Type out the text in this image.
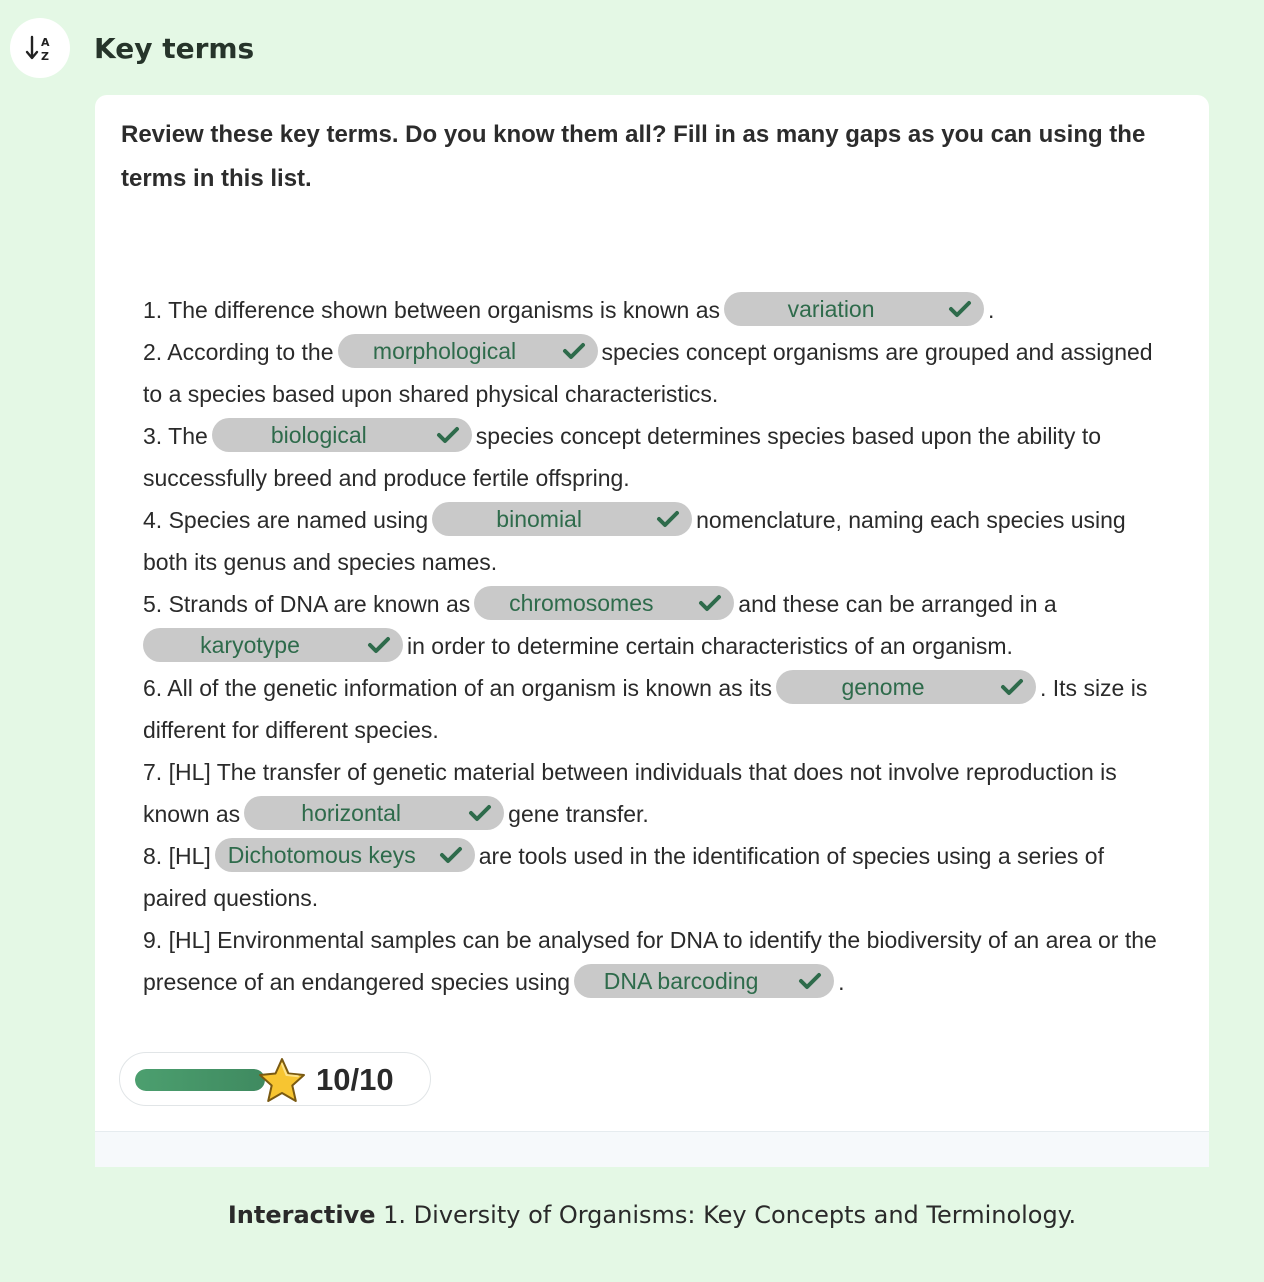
A
Z Key terms
Review these key terms. Do you know them all? Fill in as many gaps as you can using the terms in this list.
1. The difference shown between organisms is known as	variation	.
2. According to the morphological	species concept organisms are grouped and assigned to a species based upon shared physical characteristics.
3. The	biological	species concept determines species based upon the ability to successfully breed and produce fertile offspring.
4. Species are named using	binomial	nomenclature, naming each species using both its genus and species names.
5. Strands of DNA are known as chromosomes	and these can be arranged in a karyotype	in order to determine certain characteristics of an organism.
6. All of the genetic information of an organism is known as its	genome	. Its size is different for different species.
7. [HL] The transfer of genetic material between individuals that does not involve reproduction is known as	horizontal	gene transfer.
8. [HL] Dichotomous keys	are tools used in the identification of species using a series of paired questions.
9. [HL] Environmental samples can be analysed for DNA to identify the biodiversity of an area or the presence of an endangered species using DNA barcoding	.
10/10
Interactive 1. Diversity of Organisms: Key Concepts and Terminology.
